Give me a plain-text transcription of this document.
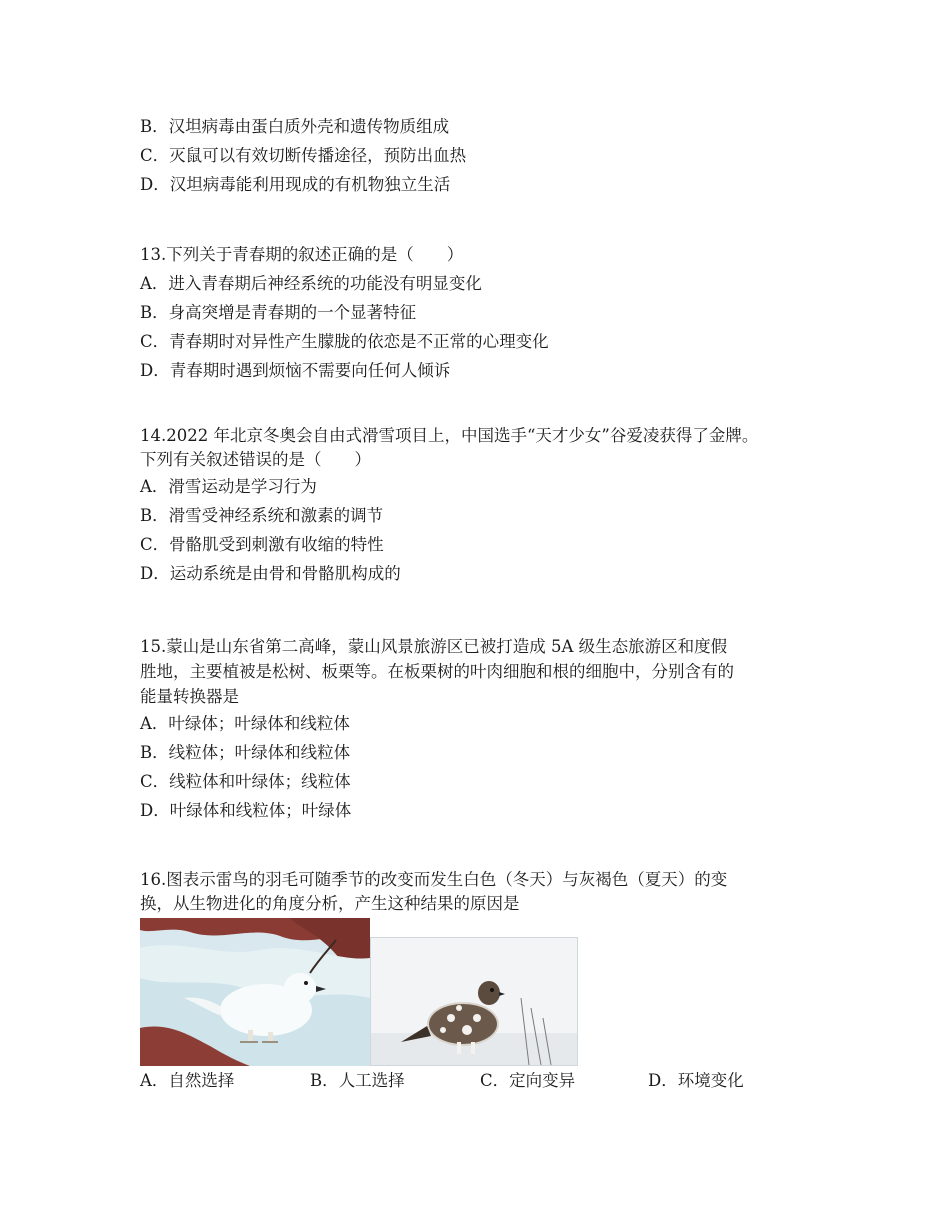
B．汉坦病毒由蛋白质外壳和遗传物质组成
C．灭鼠可以有效切断传播途径，预防出血热
D．汉坦病毒能利用现成的有机物独立生活
13.下列关于青春期的叙述正确的是（　　）
A．进入青春期后神经系统的功能没有明显变化
B．身高突增是青春期的一个显著特征
C．青春期时对异性产生朦胧的依恋是不正常的心理变化
D．青春期时遇到烦恼不需要向任何人倾诉
14.2022 年北京冬奥会自由式滑雪项目上，中国选手“天才少女”谷爱凌获得了金牌。
下列有关叙述错误的是（　　）
A．滑雪运动是学习行为
B．滑雪受神经系统和激素的调节
C．骨骼肌受到刺激有收缩的特性
D．运动系统是由骨和骨骼肌构成的
15.蒙山是山东省第二高峰，蒙山风景旅游区已被打造成 5A 级生态旅游区和度假
胜地，主要植被是松树、板栗等。在板栗树的叶肉细胞和根的细胞中，分别含有的
能量转换器是
A．叶绿体；叶绿体和线粒体
B．线粒体；叶绿体和线粒体
C．线粒体和叶绿体；线粒体
D．叶绿体和线粒体；叶绿体
16.图表示雷鸟的羽毛可随季节的改变而发生白色（冬天）与灰褐色（夏天）的变
换，从生物进化的角度分析，产生这种结果的原因是
A．自然选择	B．人工选择	C．定向变异	D．环境变化
